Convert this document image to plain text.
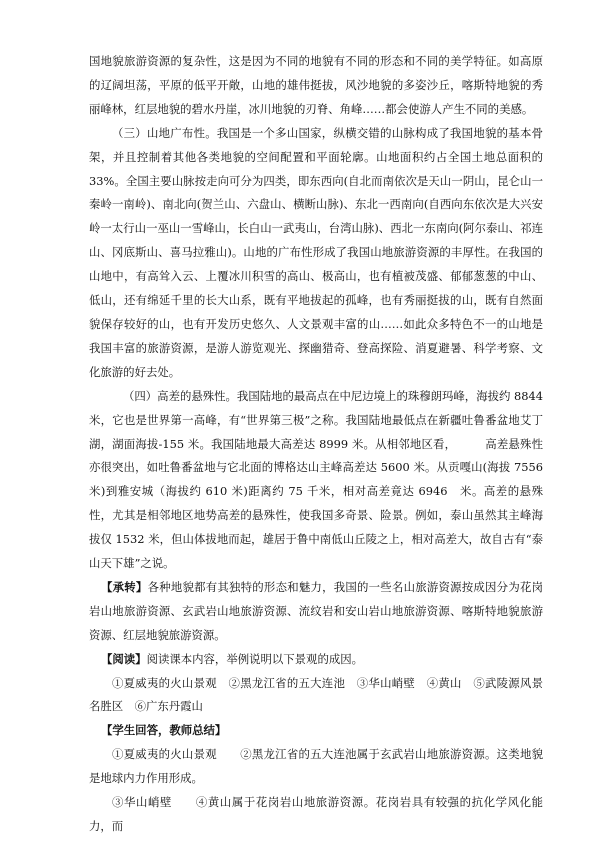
国地貌旅游资源的复杂性，这是因为不同的地貌有不同的形态和不同的美学特征。如高原的辽阔坦荡，平原的低平开敞，山地的雄伟挺拔，风沙地貌的多姿沙丘，喀斯特地貌的秀丽峰林，红层地貌的碧水丹崖，冰川地貌的刃脊、角峰……都会使游人产生不同的美感。

（三）山地广布性。我国是一个多山国家，纵横交错的山脉构成了我国地貌的基本骨架，并且控制着其他各类地貌的空间配置和平面轮廓。山地面积约占全国土地总面积的33%。全国主要山脉按走向可分为四类，即东西向(自北而南依次是天山一阴山，昆仑山一秦岭一南岭)、南北向(贺兰山、六盘山、横断山脉)、东北一西南向(自西向东依次是大兴安岭一太行山一巫山一雪峰山，长白山一武夷山，台湾山脉)、西北一东南向(阿尔泰山、祁连山、冈底斯山、喜马拉雅山)。山地的广布性形成了我国山地旅游资源的丰厚性。在我国的山地中，有高耸入云、上覆冰川积雪的高山、极高山，也有植被茂盛、郁郁葱葱的中山、低山，还有绵延千里的长大山系，既有平地拔起的孤峰，也有秀丽挺拔的山，既有自然面貌保存较好的山，也有开发历史悠久、人文景观丰富的山……如此众多特色不一的山地是我国丰富的旅游资源，是游人游览观光、探幽猎奇、登高探险、消夏避暑、科学考察、文化旅游的好去处。

（四）高差的悬殊性。我国陆地的最高点在中尼边境上的珠穆朗玛峰，海拔约 8844 米，它也是世界第一高峰，有“世界第三极”之称。我国陆地最低点在新疆吐鲁番盆地艾丁湖，湖面海拔-155 米。我国陆地最大高差达 8999 米。从相邻地区看，　　　高差悬殊性亦很突出，如吐鲁番盆地与它北面的博格达山主峰高差达 5600 米。从贡嘎山(海拔 7556 米)到雅安城（海拔约 610 米)距离约 75 千米，相对高差竟达 6946　米。高差的悬殊性，尤其是相邻地区地势高差的悬殊性，使我国多奇景、险景。例如，泰山虽然其主峰海拔仅 1532 米，但山体拔地而起，雄居于鲁中南低山丘陵之上，相对高差大，故自古有“泰山天下雄”之说。

【承转】各种地貌都有其独特的形态和魅力，我国的一些名山旅游资源按成因分为花岗岩山地旅游资源、玄武岩山地旅游资源、流纹岩和安山岩山地旅游资源、喀斯特地貌旅游资源、红层地貌旅游资源。

【阅读】阅读课本内容，举例说明以下景观的成因。

①夏威夷的火山景观　②黑龙江省的五大连池　③华山峭壁　④黄山　⑤武陵源风景名胜区　⑥广东丹霞山

【学生回答，教师总结】

①夏威夷的火山景观　　②黑龙江省的五大连池属于玄武岩山地旅游资源。这类地貌是地球内力作用形成。

③华山峭壁　　④黄山属于花岗岩山地旅游资源。花岗岩具有较强的抗化学风化能力，而
